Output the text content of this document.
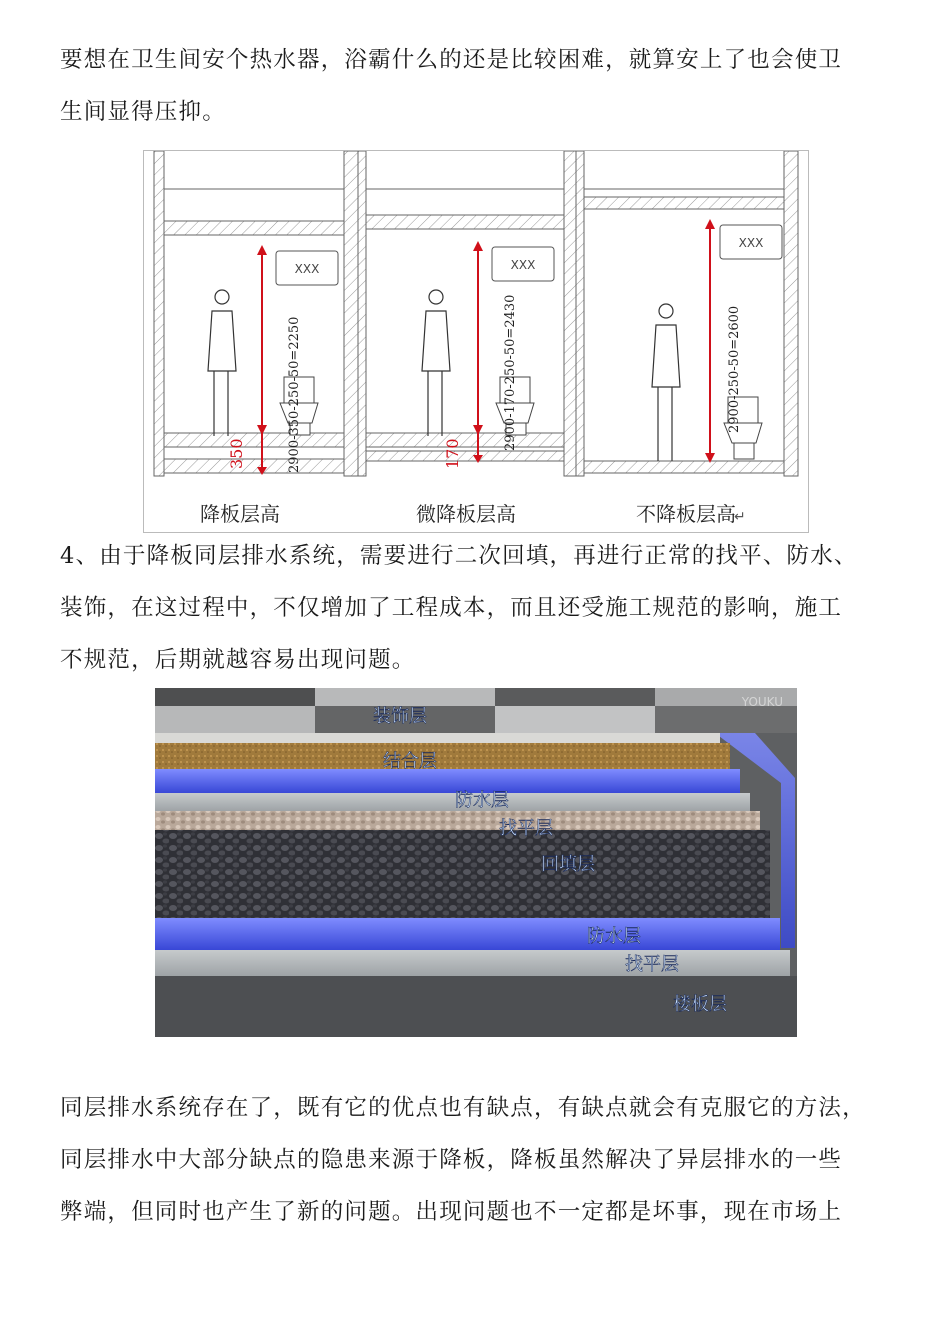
要想在卫生间安个热水器，浴霸什么的还是比较困难，就算安上了也会使卫

生间显得压抑。

XXX
350	2900-350-250-50=2250
降板层高
XXX
170
2900-170-250-50=2430
微降板层高
XXX
2900-250-50=2600
不降板层高
↵

4、由于降板同层排水系统，需要进行二次回填，再进行正常的找平、防水、

装饰，在这过程中，不仅增加了工程成本，而且还受施工规范的影响，施工

不规范，后期就越容易出现问题。

YOUKU
装饰层
结合层
防水层
找平层
回填层
防水层
找平层
楼板层

同层排水系统存在了，既有它的优点也有缺点，有缺点就会有克服它的方法，

同层排水中大部分缺点的隐患来源于降板，降板虽然解决了异层排水的一些

弊端，但同时也产生了新的问题。出现问题也不一定都是坏事，现在市场上
